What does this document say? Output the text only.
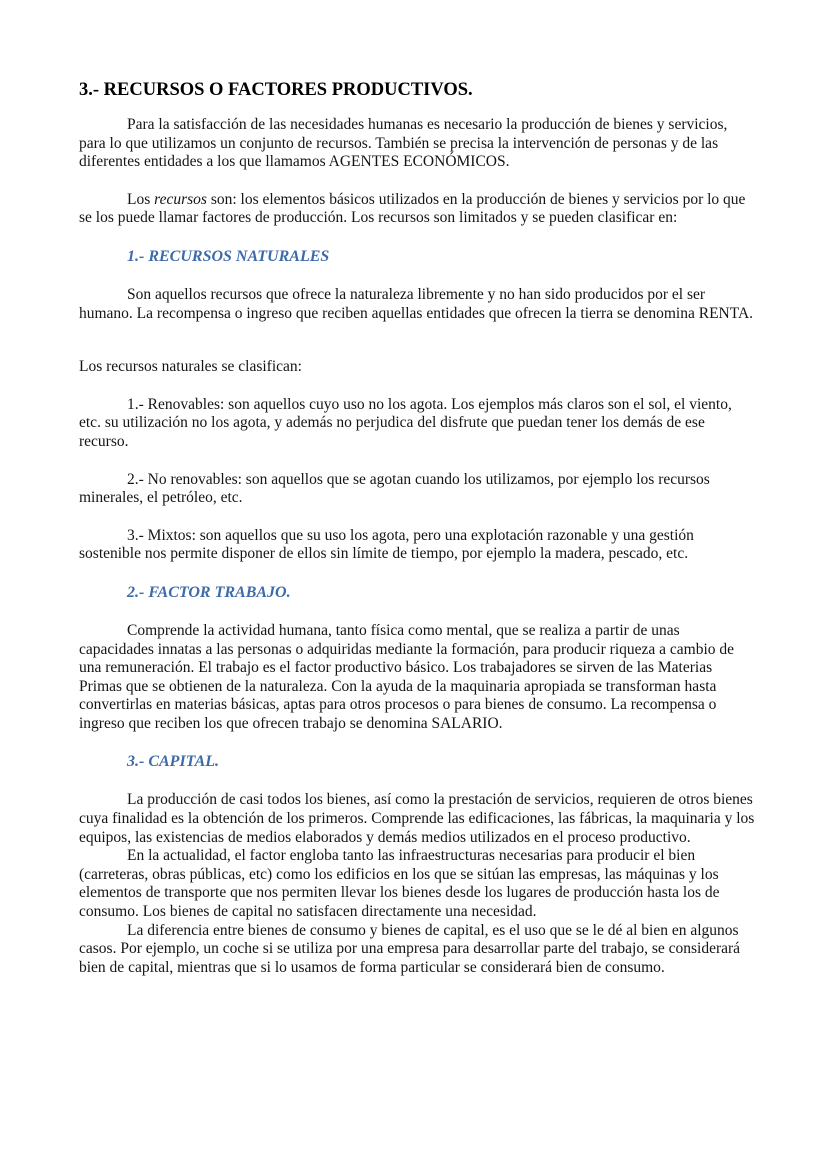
3.- RECURSOS O FACTORES PRODUCTIVOS.

Para la satisfacción de las necesidades humanas es necesario la producción de bienes y servicios, para lo que utilizamos un conjunto de recursos. También se precisa la intervención de personas y de las diferentes entidades a los que llamamos AGENTES ECONÓMICOS.

Los recursos son: los elementos básicos utilizados en la producción de bienes y servicios por lo que se los puede llamar factores de producción. Los recursos son limitados y se pueden clasificar en:

1.- RECURSOS NATURALES

Son aquellos recursos que ofrece la naturaleza libremente y no han sido producidos por el ser humano. La recompensa o ingreso que reciben aquellas entidades que ofrecen la tierra se denomina RENTA.

Los recursos naturales se clasifican:

1.- Renovables: son aquellos cuyo uso no los agota. Los ejemplos más claros son el sol, el viento, etc. su utilización no los agota, y además no perjudica del disfrute que puedan tener los demás de ese recurso.

2.- No renovables: son aquellos que se agotan cuando los utilizamos, por ejemplo los recursos minerales, el petróleo, etc.

3.- Mixtos: son aquellos que su uso los agota, pero una explotación razonable y una gestión sostenible nos permite disponer de ellos sin límite de tiempo, por ejemplo la madera, pescado, etc.

2.- FACTOR TRABAJO.

Comprende la actividad humana, tanto física como mental, que se realiza a partir de unas capacidades innatas a las personas o adquiridas mediante la formación, para producir riqueza a cambio de una remuneración. El trabajo es el factor productivo básico. Los trabajadores se sirven de las Materias Primas que se obtienen de la naturaleza. Con la ayuda de la maquinaria apropiada se transforman hasta convertirlas en materias básicas, aptas para otros procesos o para bienes de consumo. La recompensa o ingreso que reciben los que ofrecen trabajo se denomina SALARIO.

3.- CAPITAL.

La producción de casi todos los bienes, así como la prestación de servicios, requieren de otros bienes cuya finalidad es la obtención de los primeros. Comprende las edificaciones, las fábricas, la maquinaria y los equipos, las existencias de medios elaborados y demás medios utilizados en el proceso productivo.

En la actualidad, el factor engloba tanto las infraestructuras necesarias para producir el bien (carreteras, obras públicas, etc) como los edificios en los que se sitúan las empresas, las máquinas y los elementos de transporte que nos permiten llevar los bienes desde los lugares de producción hasta los de consumo. Los bienes de capital no satisfacen directamente una necesidad.

La diferencia entre bienes de consumo y bienes de capital, es el uso que se le dé al bien en algunos casos. Por ejemplo, un coche si se utiliza por una empresa para desarrollar parte del trabajo, se considerará bien de capital, mientras que si lo usamos de forma particular se considerará bien de consumo.
